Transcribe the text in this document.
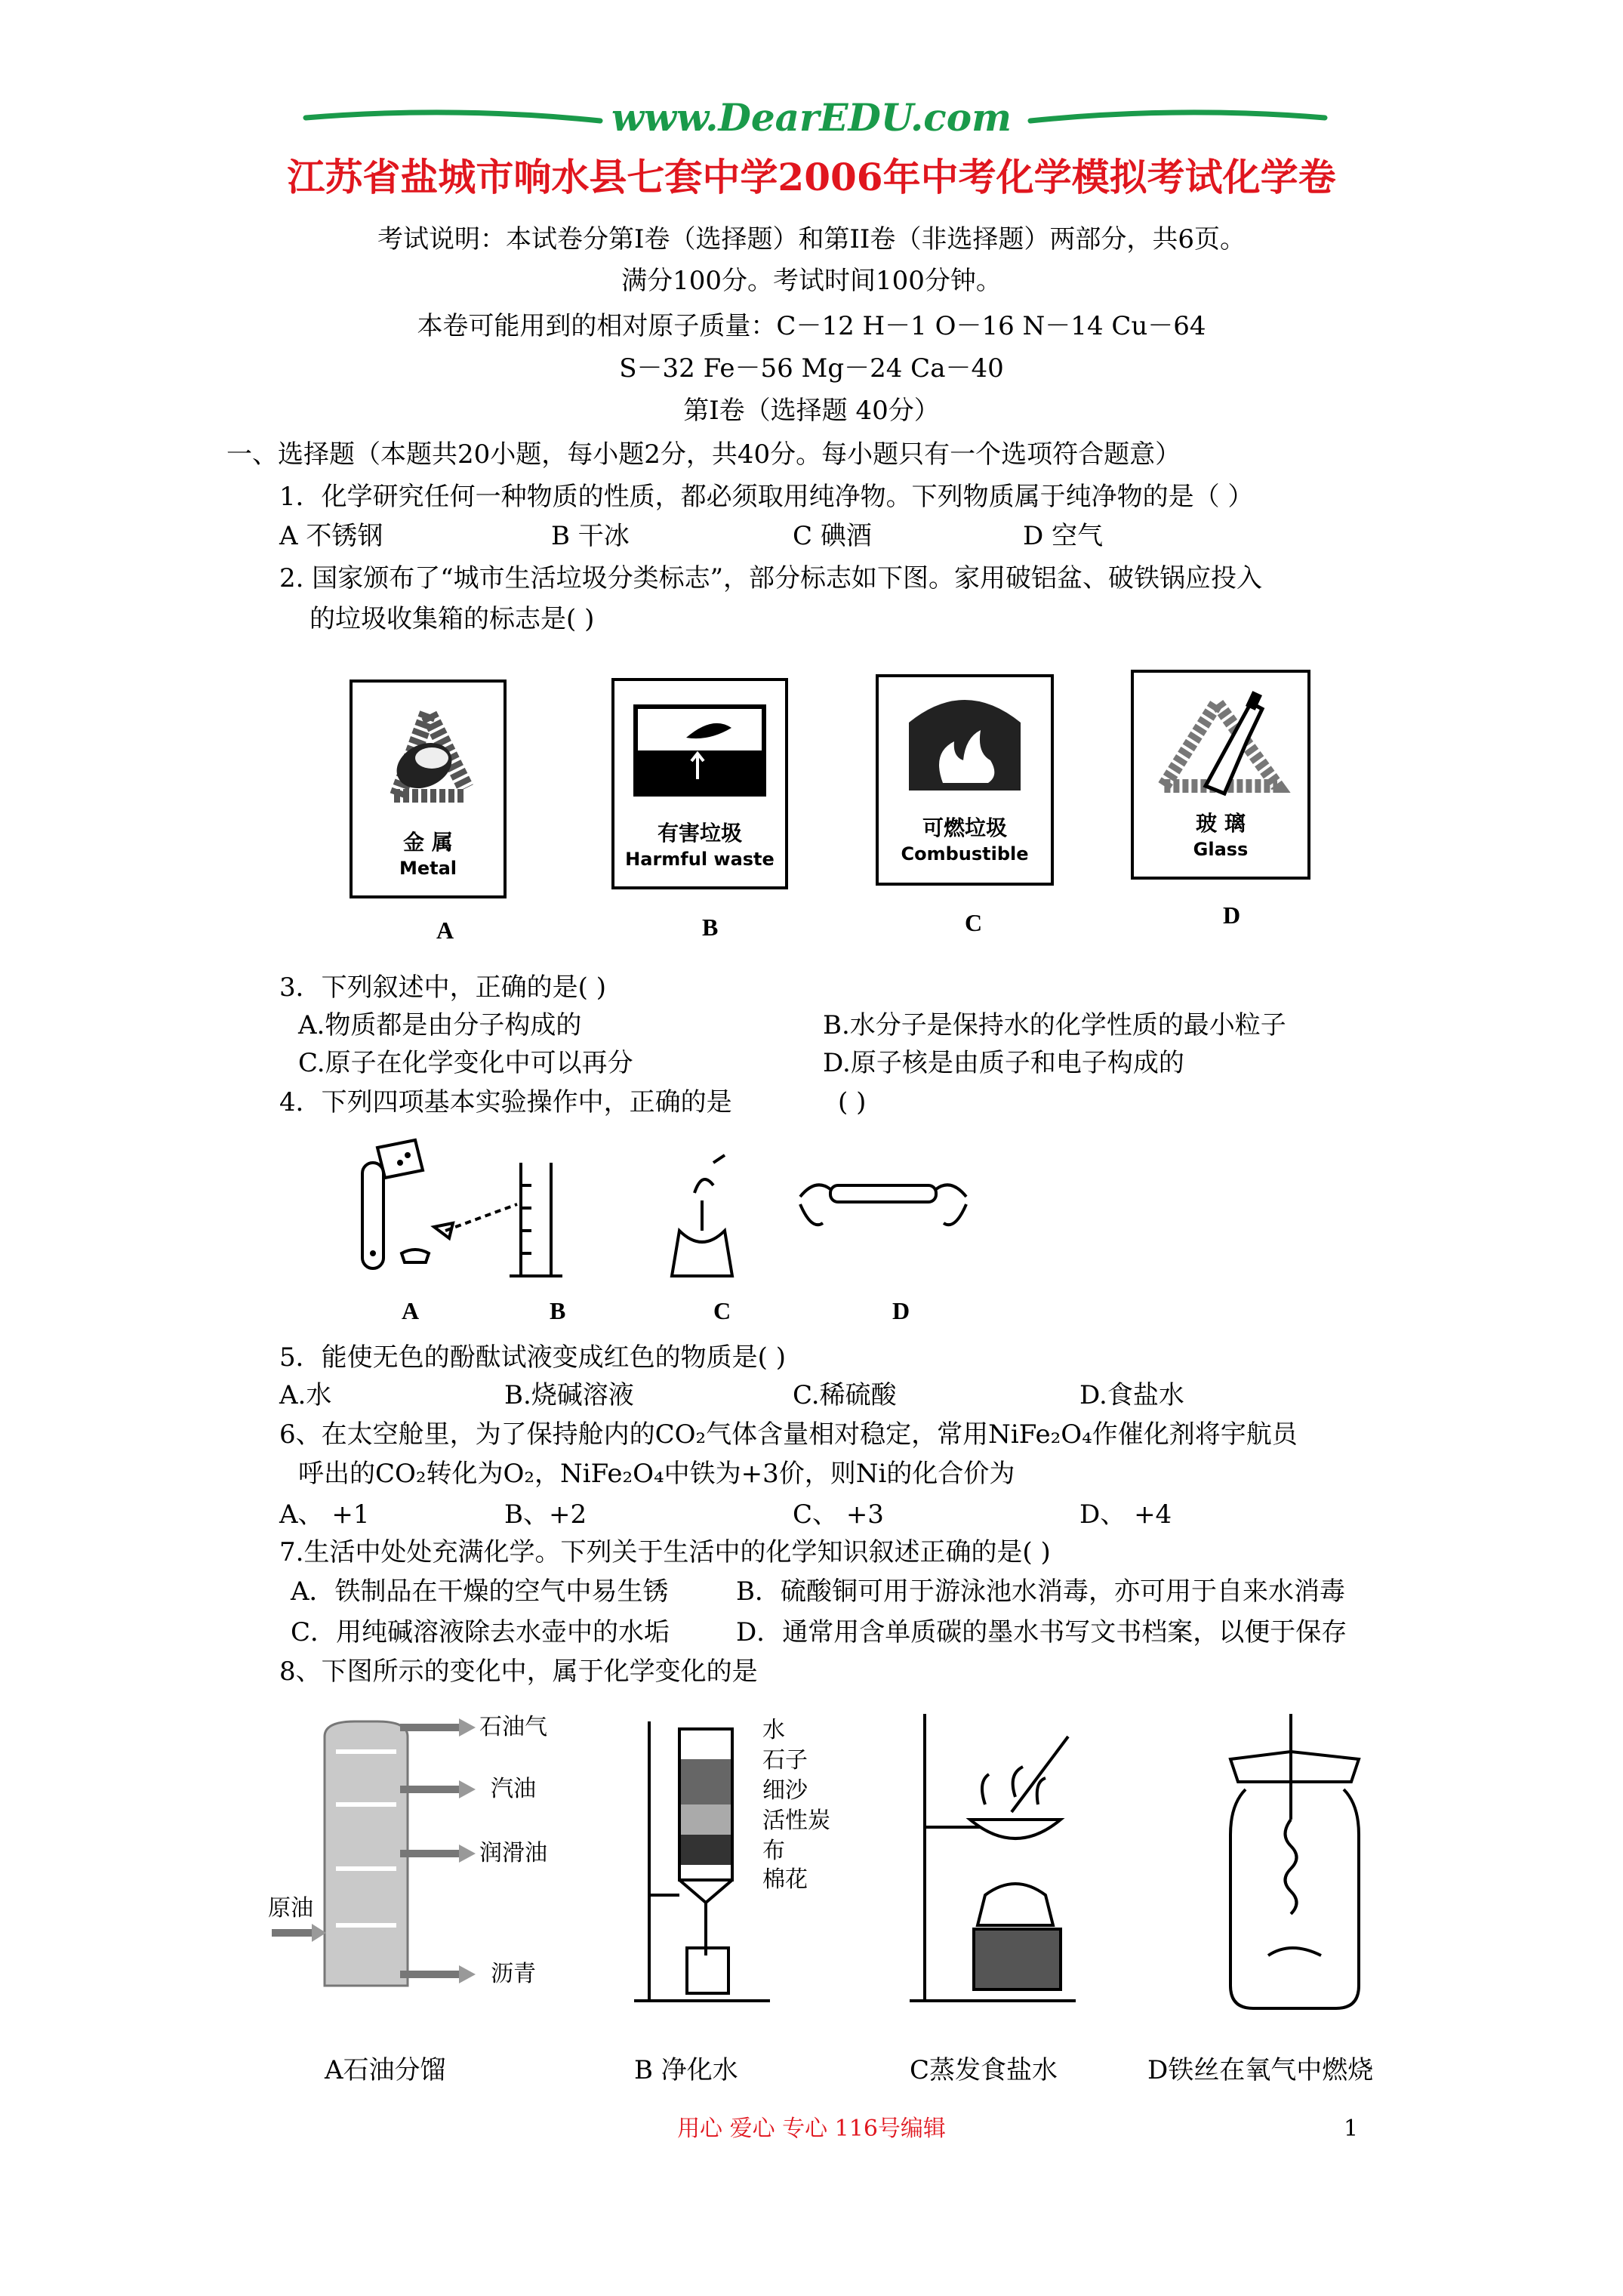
www.DearEDU.com
江苏省盐城市响水县七套中学2006年中考化学模拟考试化学卷
考试说明：本试卷分第I卷（选择题）和第II卷（非选择题）两部分，共6页。
满分100分。考试时间100分钟。
本卷可能用到的相对原子质量：C－12 H－1 O－16 N－14 Cu－64
S－32 Fe－56 Mg－24 Ca－40
第I卷（选择题 40分）
一、选择题（本题共20小题，每小题2分，共40分。每小题只有一个选项符合题意）
1．化学研究任何一种物质的性质，都必须取用纯净物。下列物质属于纯净物的是（ ）
A 不锈钢	B 干冰	C 碘酒	D 空气
2. 国家颁布了“城市生活垃圾分类标志”，部分标志如下图。家用破铝盆、破铁锅应投入
的垃圾收集箱的标志是( )
金 属
Metal
A
有害垃圾
Harmful waste
B
可燃垃圾
Combustible
C
玻 璃
Glass
D
3．下列叙述中，正确的是( )
A.物质都是由分子构成的	B.水分子是保持水的化学性质的最小粒子
C.原子在化学变化中可以再分	D.原子核是由质子和电子构成的
4．下列四项基本实验操作中，正确的是	( )
A	B	C	D
5．能使无色的酚酞试液变成红色的物质是( )
A.水	B.烧碱溶液	C.稀硫酸	D.食盐水
6、在太空舱里，为了保持舱内的CO₂气体含量相对稳定，常用NiFe₂O₄作催化剂将宇航员
呼出的CO₂转化为O₂，NiFe₂O₄中铁为+3价，则Ni的化合价为
A、 +1	B、+2	C、 +3	D、 +4
7.生活中处处充满化学。下列关于生活中的化学知识叙述正确的是( )
A．铁制品在干燥的空气中易生锈	B．硫酸铜可用于游泳池水消毒，亦可用于自来水消毒
C．用纯碱溶液除去水壶中的水垢	D．通常用含单质碳的墨水书写文书档案，以便于保存
8、下图所示的变化中，属于化学变化的是
石油气
汽油
润滑油
沥青
原油
水
石子
细沙
活性炭
布
棉花
A石油分馏	B 净化水	C蒸发食盐水	D铁丝在氧气中燃烧
用心 爱心 专心 116号编辑	1
